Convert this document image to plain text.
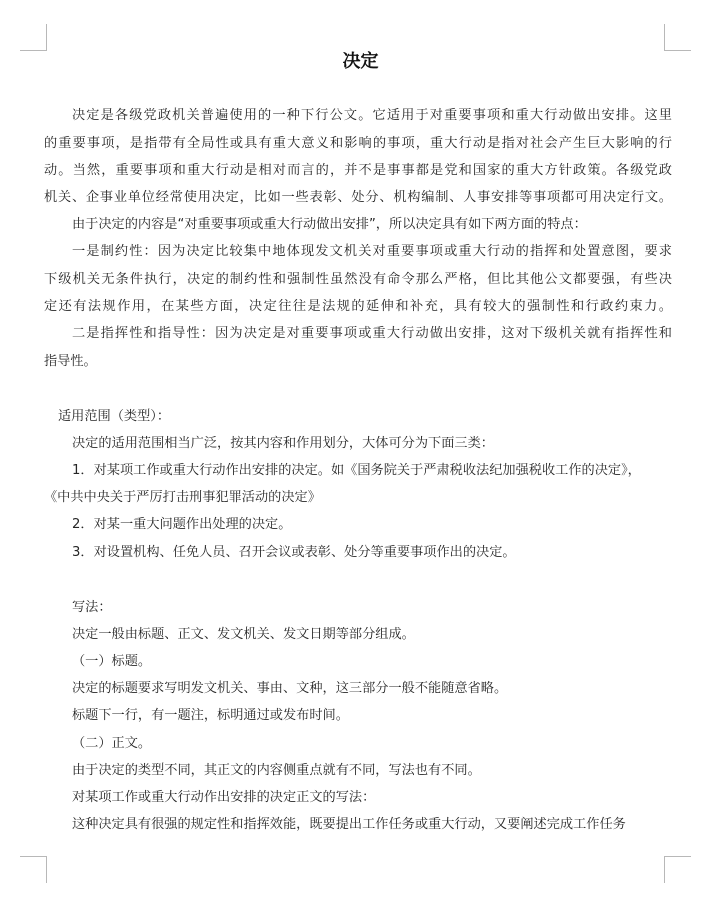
决定
决定是各级党政机关普遍使用的一种下行公文。它适用于对重要事项和重大行动做出安排。这里
的重要事项，是指带有全局性或具有重大意义和影响的事项，重大行动是指对社会产生巨大影响的行
动。当然，重要事项和重大行动是相对而言的，并不是事事都是党和国家的重大方针政策。各级党政
机关、企事业单位经常使用决定，比如一些表彰、处分、机构编制、人事安排等事项都可用决定行文。
由于决定的内容是“对重要事项或重大行动做出安排”，所以决定具有如下两方面的特点：
一是制约性：因为决定比较集中地体现发文机关对重要事项或重大行动的指挥和处置意图，要求
下级机关无条件执行，决定的制约性和强制性虽然没有命令那么严格，但比其他公文都要强，有些决
定还有法规作用，在某些方面，决定往往是法规的延伸和补充，具有较大的强制性和行政约束力。
二是指挥性和指导性：因为决定是对重要事项或重大行动做出安排，这对下级机关就有指挥性和
指导性。
适用范围（类型）：
决定的适用范围相当广泛，按其内容和作用划分，大体可分为下面三类：
1．对某项工作或重大行动作出安排的决定。如《国务院关于严肃税收法纪加强税收工作的决定》，
《中共中央关于严厉打击刑事犯罪活动的决定》
2．对某一重大问题作出处理的决定。
3．对设置机构、任免人员、召开会议或表彰、处分等重要事项作出的决定。
写法：
决定一般由标题、正文、发文机关、发文日期等部分组成。
（一）标题。
决定的标题要求写明发文机关、事由、文种，这三部分一般不能随意省略。
标题下一行，有一题注，标明通过或发布时间。
（二）正文。
由于决定的类型不同，其正文的内容侧重点就有不同，写法也有不同。
对某项工作或重大行动作出安排的决定正文的写法：
这种决定具有很强的规定性和指挥效能，既要提出工作任务或重大行动，又要阐述完成工作任务
